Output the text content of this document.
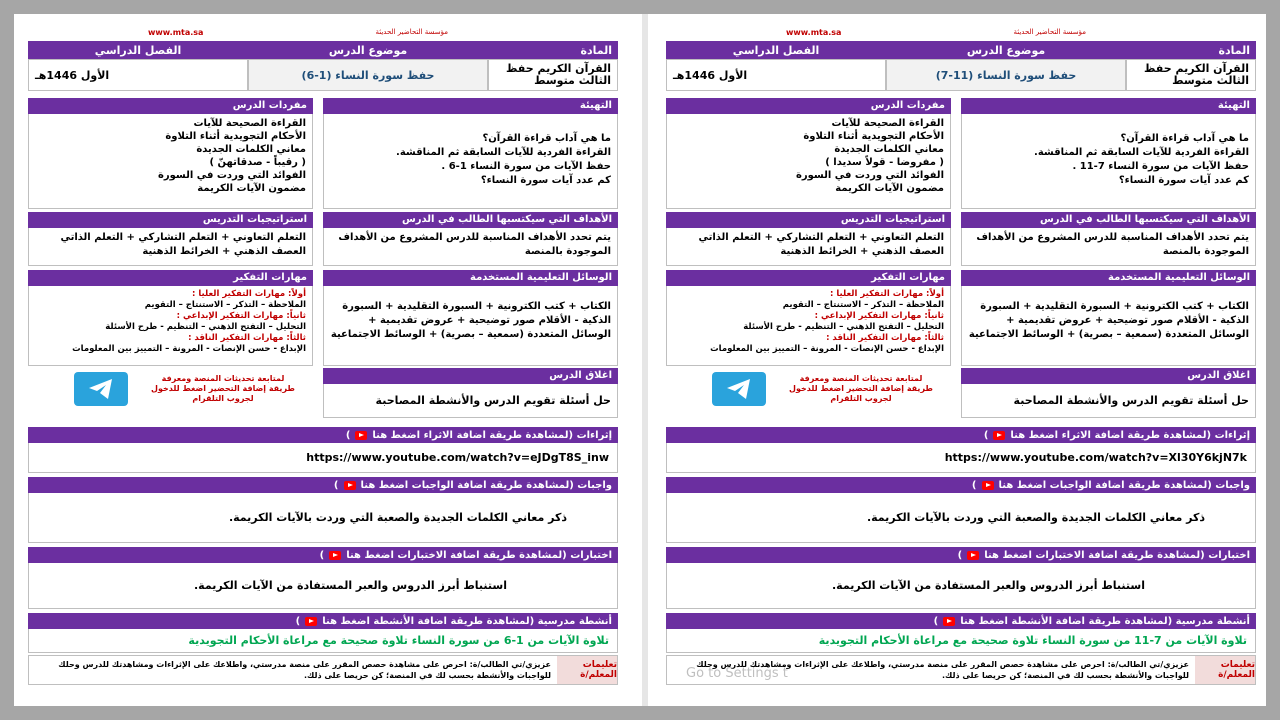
مؤسسة التحاضير الحديثة
www.mta.sa
المادة
موضوع الدرس
الفصل الدراسي
القرآن الكريم حفظ
الثالث متوسط
حفظ سورة النساء (11-7)
الأول 1446هـ
التهيئة
ما هي آداب قراءة القرآن؟
القراءة الفردية للآيات السابقة ثم المناقشة.
حفظ الآيات من سورة النساء 7-11 .
كم عدد آيات سورة النساء؟
مفردات الدرس
القراءة الصحيحة للآيات
الأحكام التجويدية أثناء التلاوة
معاني الكلمات الجديدة
( مفروضا - قولاً سديدا )
الفوائد التي وردت في السورة
مضمون الآيات الكريمة
الأهداف التي سيكتسبها الطالب في الدرس
يتم تحدد الأهداف المناسبة للدرس المشروع من الأهداف الموجودة بالمنصة
استراتيجيات التدريس
التعلم التعاوني + التعلم التشاركي + التعلم الذاتي العصف الذهني + الخرائط الذهنية
الوسائل التعليمية المستخدمة
الكتاب + كتب الكترونية + السبورة التقليدية + السبورة الذكية - الأقلام صور توضيحية + عروض تقديمية + الوسائل المتعددة (سمعية – بصرية) + الوسائط الاجتماعية
مهارات التفكير
أولاً: مهارات التفكير العليا :
الملاحظة – التذكر – الاستنتاج – التقويم
ثانياً: مهارات التفكير الإبداعي :
التحليل – التفتح الذهني – التنظيم - طرح الأسئلة
ثالثاً: مهارات التفكير الناقد :
الإبداع - حسن الإنصات - المرونة – التمييز بين المعلومات
اغلاق الدرس
حل أسئلة تقويم الدرس والأنشطة المصاحبة
لمتابعة تحديثات المنصة ومعرفة طريقة إضافة التحضير اضغط للدخول لجروب التلقرام
إثراءات (لمشاهدة طريقة اضافة الاثراء اضغط هنا
)
https://www.youtube.com/watch?v=Xl30Y6kjN7k
واجبات (لمشاهدة طريقة اضافة الواجبات اضغط هنا
)
ذكر معاني الكلمات الجديدة والصعبة التي وردت بالآيات الكريمة.
اختبارات (لمشاهدة طريقة اضافة الاختبارات اضغط هنا
)
استنباط أبرز الدروس والعبر المستفادة من الآيات الكريمة.
أنشطة مدرسية (لمشاهدة طريقة اضافة الأنشطة اضغط هنا
)
تلاوة الآيات من 7-11 من سورة النساء تلاوة صحيحة مع مراعاة الأحكام التجويدية
تعليمات المعلم/ة
عزيزي/تي الطالب/ة: احرص على مشاهدة حصص المقرر على منصة مدرستي، واطلاعك على الإثراءات ومشاهدتك للدرس وحلك للواجبات والأنشطة بحسب لك في المنصة؛ كن حريصا على ذلك.
Go to Settings t
مؤسسة التحاضير الحديثة
www.mta.sa
المادة
موضوع الدرس
الفصل الدراسي
القرآن الكريم حفظ
الثالث متوسط
حفظ سورة النساء (1-6)
الأول 1446هـ
التهيئة
ما هي آداب قراءة القرآن؟
القراءة الفردية للآيات السابقة ثم المناقشة.
حفظ الآيات من سورة النساء 1-6 .
كم عدد آيات سورة النساء؟
مفردات الدرس
القراءة الصحيحة للآيات
الأحكام التجويدية أثناء التلاوة
معاني الكلمات الجديدة
( رقيباً - صدقاتهنّ )
الفوائد التي وردت في السورة
مضمون الآيات الكريمة
الأهداف التي سيكتسبها الطالب في الدرس
يتم تحدد الأهداف المناسبة للدرس المشروع من الأهداف الموجودة بالمنصة
استراتيجيات التدريس
التعلم التعاوني + التعلم التشاركي + التعلم الذاتي العصف الذهني + الخرائط الذهنية
الوسائل التعليمية المستخدمة
الكتاب + كتب الكترونية + السبورة التقليدية + السبورة الذكية - الأقلام صور توضيحية + عروض تقديمية + الوسائل المتعددة (سمعية – بصرية) + الوسائط الاجتماعية
مهارات التفكير
أولاً: مهارات التفكير العليا :
الملاحظة – التذكر – الاستنتاج – التقويم
ثانياً: مهارات التفكير الإبداعي :
التحليل – التفتح الذهني – التنظيم - طرح الأسئلة
ثالثاً: مهارات التفكير الناقد :
الإبداع - حسن الإنصات - المرونة – التمييز بين المعلومات
اغلاق الدرس
حل أسئلة تقويم الدرس والأنشطة المصاحبة
لمتابعة تحديثات المنصة ومعرفة طريقة إضافة التحضير اضغط للدخول لجروب التلقرام
إثراءات (لمشاهدة طريقة اضافة الاثراء اضغط هنا
)
https://www.youtube.com/watch?v=eJDgT8S_inw
واجبات (لمشاهدة طريقة اضافة الواجبات اضغط هنا
)
ذكر معاني الكلمات الجديدة والصعبة التي وردت بالآيات الكريمة.
اختبارات (لمشاهدة طريقة اضافة الاختبارات اضغط هنا
)
استنباط أبرز الدروس والعبر المستفادة من الآيات الكريمة.
أنشطة مدرسية (لمشاهدة طريقة اضافة الأنشطة اضغط هنا
)
تلاوة الآيات من 1-6 من سورة النساء تلاوة صحيحة مع مراعاة الأحكام التجويدية
تعليمات المعلم/ة
عزيزي/تي الطالب/ة: احرص على مشاهدة حصص المقرر على منصة مدرستي، واطلاعك على الإثراءات ومشاهدتك للدرس وحلك للواجبات والأنشطة بحسب لك في المنصة؛ كن حريصا على ذلك.
